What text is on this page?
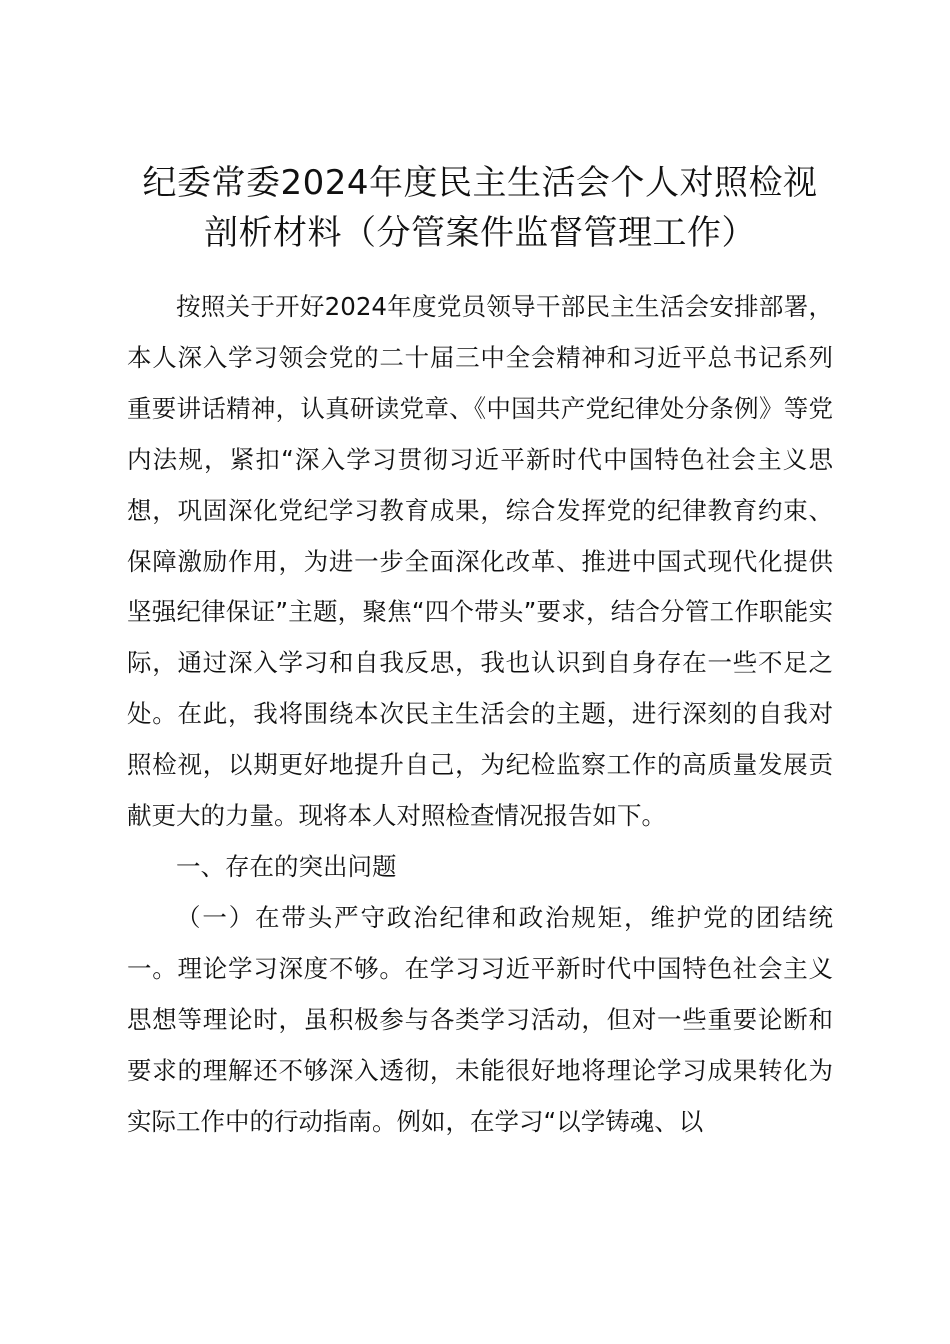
纪委常委2024年度民主生活会个人对照检视
剖析材料（分管案件监督管理工作）

按照关于开好2024年度党员领导干部民主生活会安排部署，本人深入学习领会党的二十届三中全会精神和习近平总书记系列重要讲话精神，认真研读党章、《中国共产党纪律处分条例》等党内法规，紧扣“深入学习贯彻习近平新时代中国特色社会主义思想，巩固深化党纪学习教育成果，综合发挥党的纪律教育约束、保障激励作用，为进一步全面深化改革、推进中国式现代化提供坚强纪律保证”主题，聚焦“四个带头”要求，结合分管工作职能实际，通过深入学习和自我反思，我也认识到自身存在一些不足之处。在此，我将围绕本次民主生活会的主题，进行深刻的自我对照检视，以期更好地提升自己，为纪检监察工作的高质量发展贡献更大的力量。现将本人对照检查情况报告如下。

一、存在的突出问题

（一）在带头严守政治纪律和政治规矩，维护党的团结统一。理论学习深度不够。在学习习近平新时代中国特色社会主义思想等理论时，虽积极参与各类学习活动，但对一些重要论断和要求的理解还不够深入透彻，未能很好地将理论学习成果转化为实际工作中的行动指南。例如，在学习“以学铸魂、以
